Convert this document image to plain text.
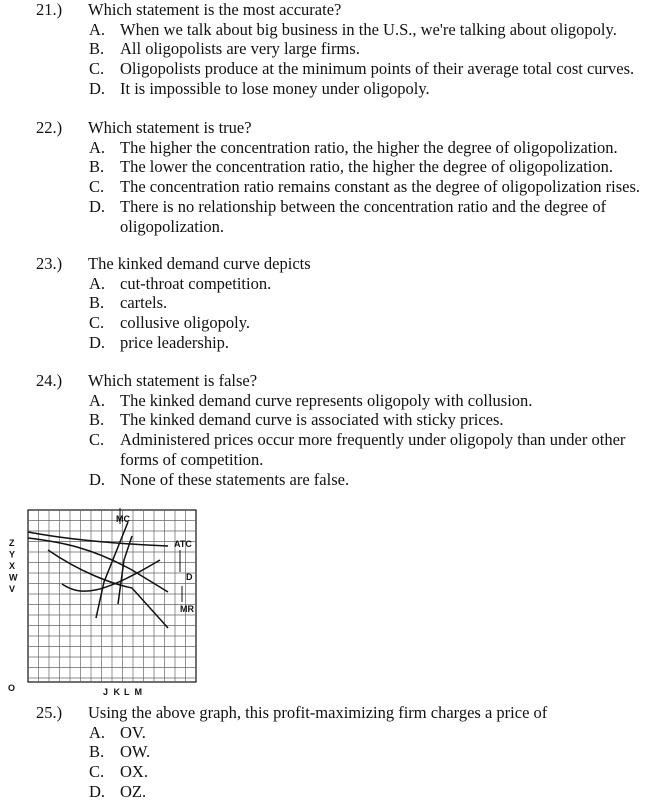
21.)	Which statement is the most accurate?
A. When we talk about big business in the U.S., we're talking about oligopoly.
B. All oligopolists are very large firms.
C. Oligopolists produce at the minimum points of their average total cost curves.
D. It is impossible to lose money under oligopoly.
22.)	Which statement is true?
A. The higher the concentration ratio, the higher the degree of oligopolization.
B. The lower the concentration ratio, the higher the degree of oligopolization.
C. The concentration ratio remains constant as the degree of oligopolization rises.
D. There is no relationship between the concentration ratio and the degree of
oligopolization.
23.)	The kinked demand curve depicts
A. cut-throat competition.
B. cartels.
C. collusive oligopoly.
D. price leadership.
24.)	Which statement is false?
A. The kinked demand curve represents oligopoly with collusion.
B. The kinked demand curve is associated with sticky prices.
C. Administered prices occur more frequently under oligopoly than under other
forms of competition.
D. None of these statements are false.
25.)	Using the above graph, this profit-maximizing firm charges a price of
A. OV.
B. OW.
C. OX.
D. OZ.
Z
Y
X
W
V
J K L M
O
MC
ATC
D
MR
